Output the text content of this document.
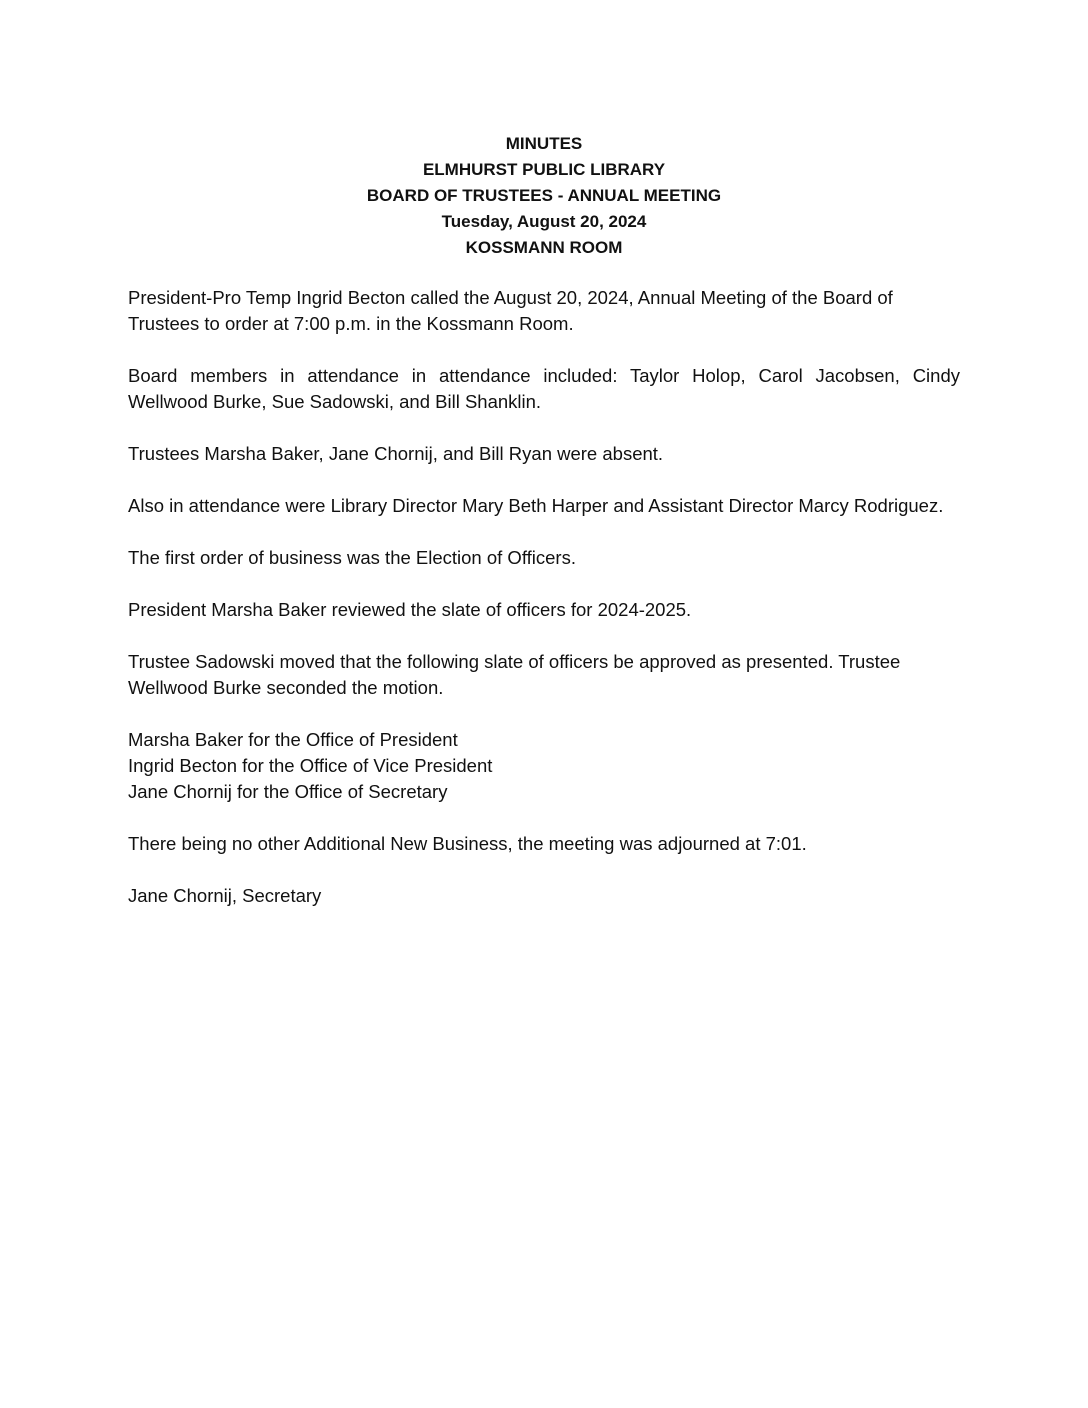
MINUTES
ELMHURST PUBLIC LIBRARY
BOARD OF TRUSTEES - ANNUAL MEETING
Tuesday, August 20, 2024
KOSSMANN ROOM

President-Pro Temp Ingrid Becton called the August 20, 2024, Annual Meeting of the Board of Trustees to order at 7:00 p.m. in the Kossmann Room.

Board members in attendance in attendance included: Taylor Holop, Carol Jacobsen, Cindy Wellwood Burke, Sue Sadowski, and Bill Shanklin.

Trustees Marsha Baker, Jane Chornij, and Bill Ryan were absent.

Also in attendance were Library Director Mary Beth Harper and Assistant Director Marcy Rodriguez.

The first order of business was the Election of Officers.

President Marsha Baker reviewed the slate of officers for 2024-2025.

Trustee Sadowski moved that the following slate of officers be approved as presented. Trustee Wellwood Burke seconded the motion.

Marsha Baker for the Office of President
Ingrid Becton for the Office of Vice President
Jane Chornij for the Office of Secretary

There being no other Additional New Business, the meeting was adjourned at 7:01.

Jane Chornij, Secretary
